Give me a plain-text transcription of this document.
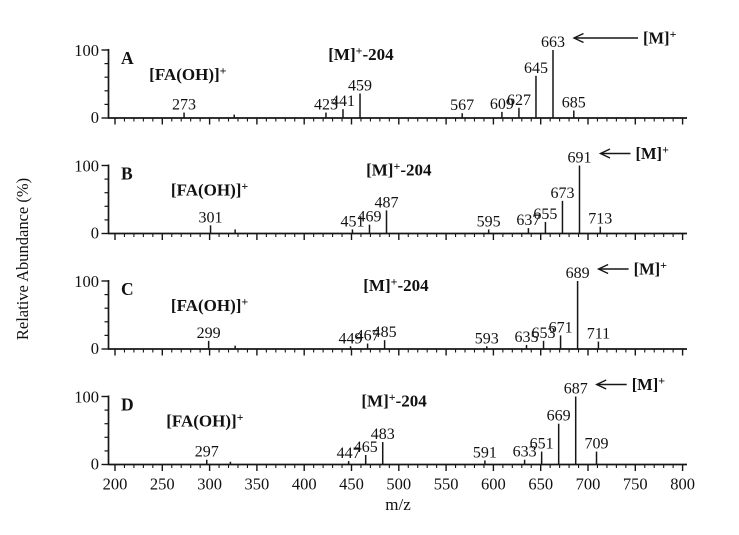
100
0
273	423
441
459
567 609
627
645
663
685
A
[FA(OH)]+
[M]+-204
[M]+
100
0
301	451
469
487
595 637
655
673
691
713
B
[FA(OH)]+
[M]+-204
[M]+
100
0
299	449
467
485	593 635
653
671
689
711
C
[FA(OH)]+
[M]+-204
[M]+
100
0
200 250 300 350 400 450 500 550 600 650 700 750 800
297	447
465
483
591 633
651
669
687
709
D
[FA(OH)]+
[M]+-204
[M]+
Relative Abundance (%)
m/z
